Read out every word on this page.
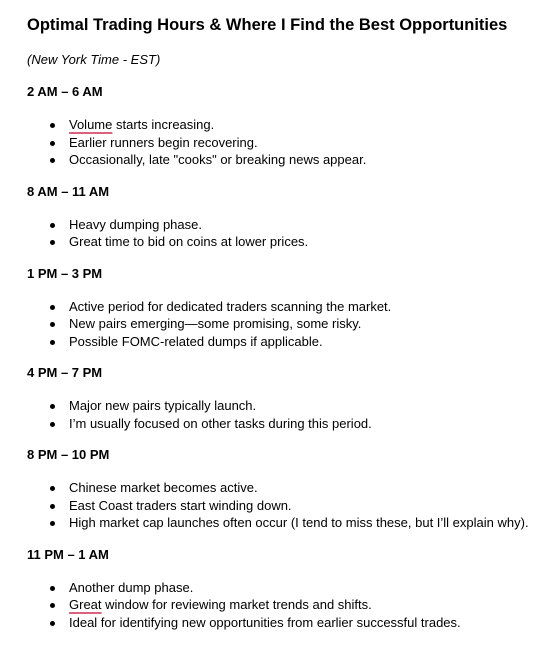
Optimal Trading Hours & Where I Find the Best Opportunities
(New York Time - EST)
2 AM – 6 AM
Volume starts increasing.
Earlier runners begin recovering.
Occasionally, late "cooks" or breaking news appear.
8 AM – 11 AM
Heavy dumping phase.
Great time to bid on coins at lower prices.
1 PM – 3 PM
Active period for dedicated traders scanning the market.
New pairs emerging—some promising, some risky.
Possible FOMC-related dumps if applicable.
4 PM – 7 PM
Major new pairs typically launch.
I’m usually focused on other tasks during this period.
8 PM – 10 PM
Chinese market becomes active.
East Coast traders start winding down.
High market cap launches often occur (I tend to miss these, but I’ll explain why).
11 PM – 1 AM
Another dump phase.
Great window for reviewing market trends and shifts.
Ideal for identifying new opportunities from earlier successful trades.
